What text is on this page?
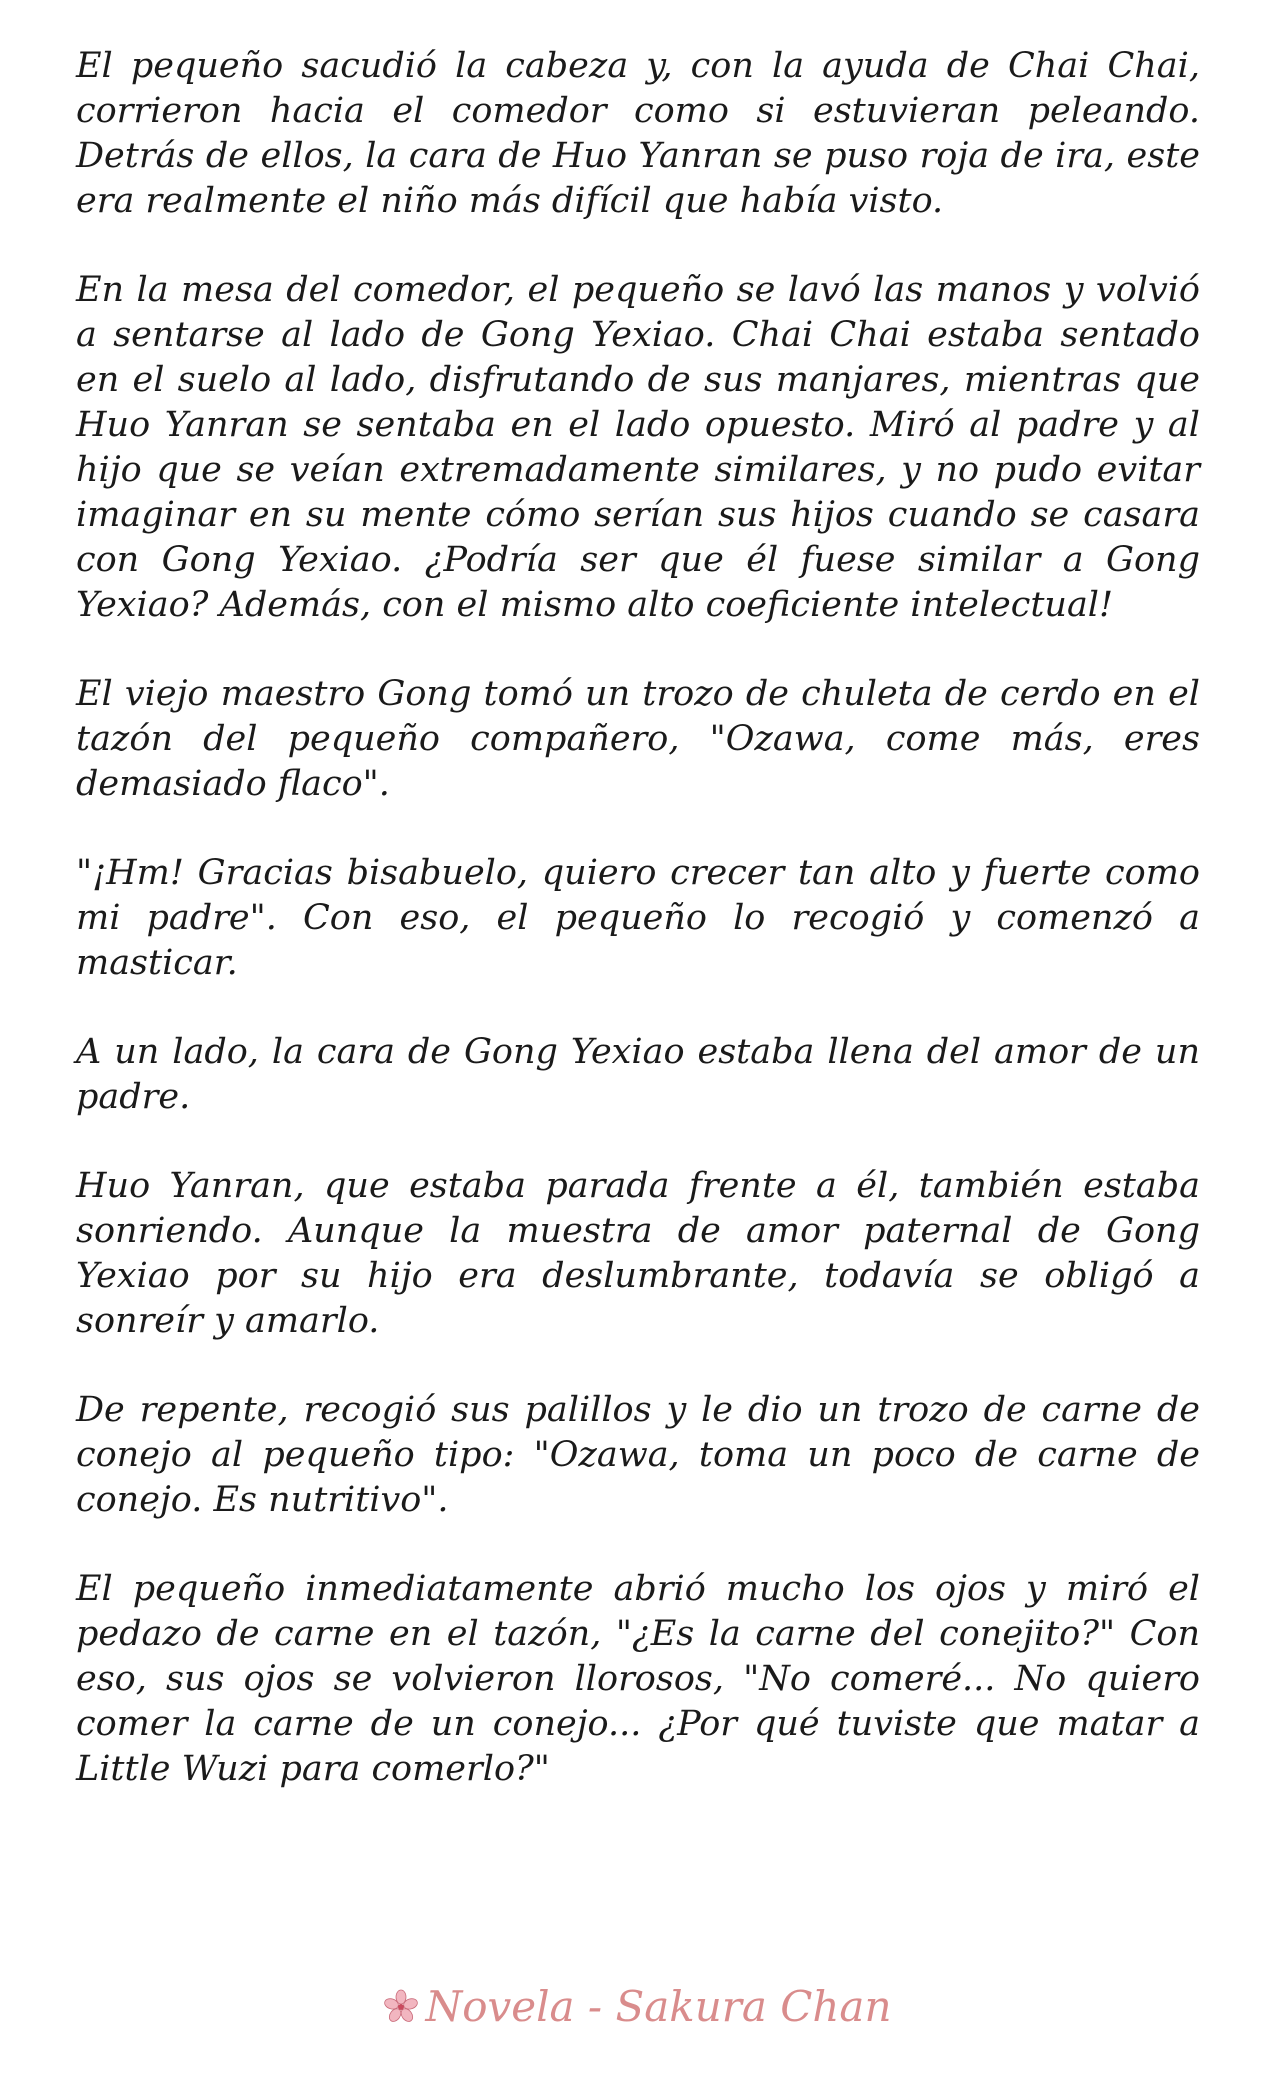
El pequeño sacudió la cabeza y, con la ayuda de Chai Chai, corrieron hacia el comedor como si estuvieran peleando. Detrás de ellos, la cara de Huo Yanran se puso roja de ira, este era realmente el niño más difícil que había visto.

En la mesa del comedor, el pequeño se lavó las manos y volvió a sentarse al lado de Gong Yexiao. Chai Chai estaba sentado en el suelo al lado, disfrutando de sus manjares, mientras que Huo Yanran se sentaba en el lado opuesto. Miró al padre y al hijo que se veían extremadamente similares, y no pudo evitar imaginar en su mente cómo serían sus hijos cuando se casara con Gong Yexiao. ¿Podría ser que él fuese similar a Gong Yexiao? Además, con el mismo alto coeficiente intelectual!

El viejo maestro Gong tomó un trozo de chuleta de cerdo en el tazón del pequeño compañero, "Ozawa, come más, eres demasiado flaco".

"¡Hm! Gracias bisabuelo, quiero crecer tan alto y fuerte como mi padre". Con eso, el pequeño lo recogió y comenzó a masticar.

A un lado, la cara de Gong Yexiao estaba llena del amor de un padre.

Huo Yanran, que estaba parada frente a él, también estaba sonriendo. Aunque la muestra de amor paternal de Gong Yexiao por su hijo era deslumbrante, todavía se obligó a sonreír y amarlo.

De repente, recogió sus palillos y le dio un trozo de carne de conejo al pequeño tipo: "Ozawa, toma un poco de carne de conejo. Es nutritivo".

El pequeño inmediatamente abrió mucho los ojos y miró el pedazo de carne en el tazón, "¿Es la carne del conejito?" Con eso, sus ojos se volvieron llorosos, "No comeré... No quiero comer la carne de un conejo... ¿Por qué tuviste que matar a Little Wuzi para comerlo?"

Novela - Sakura Chan
